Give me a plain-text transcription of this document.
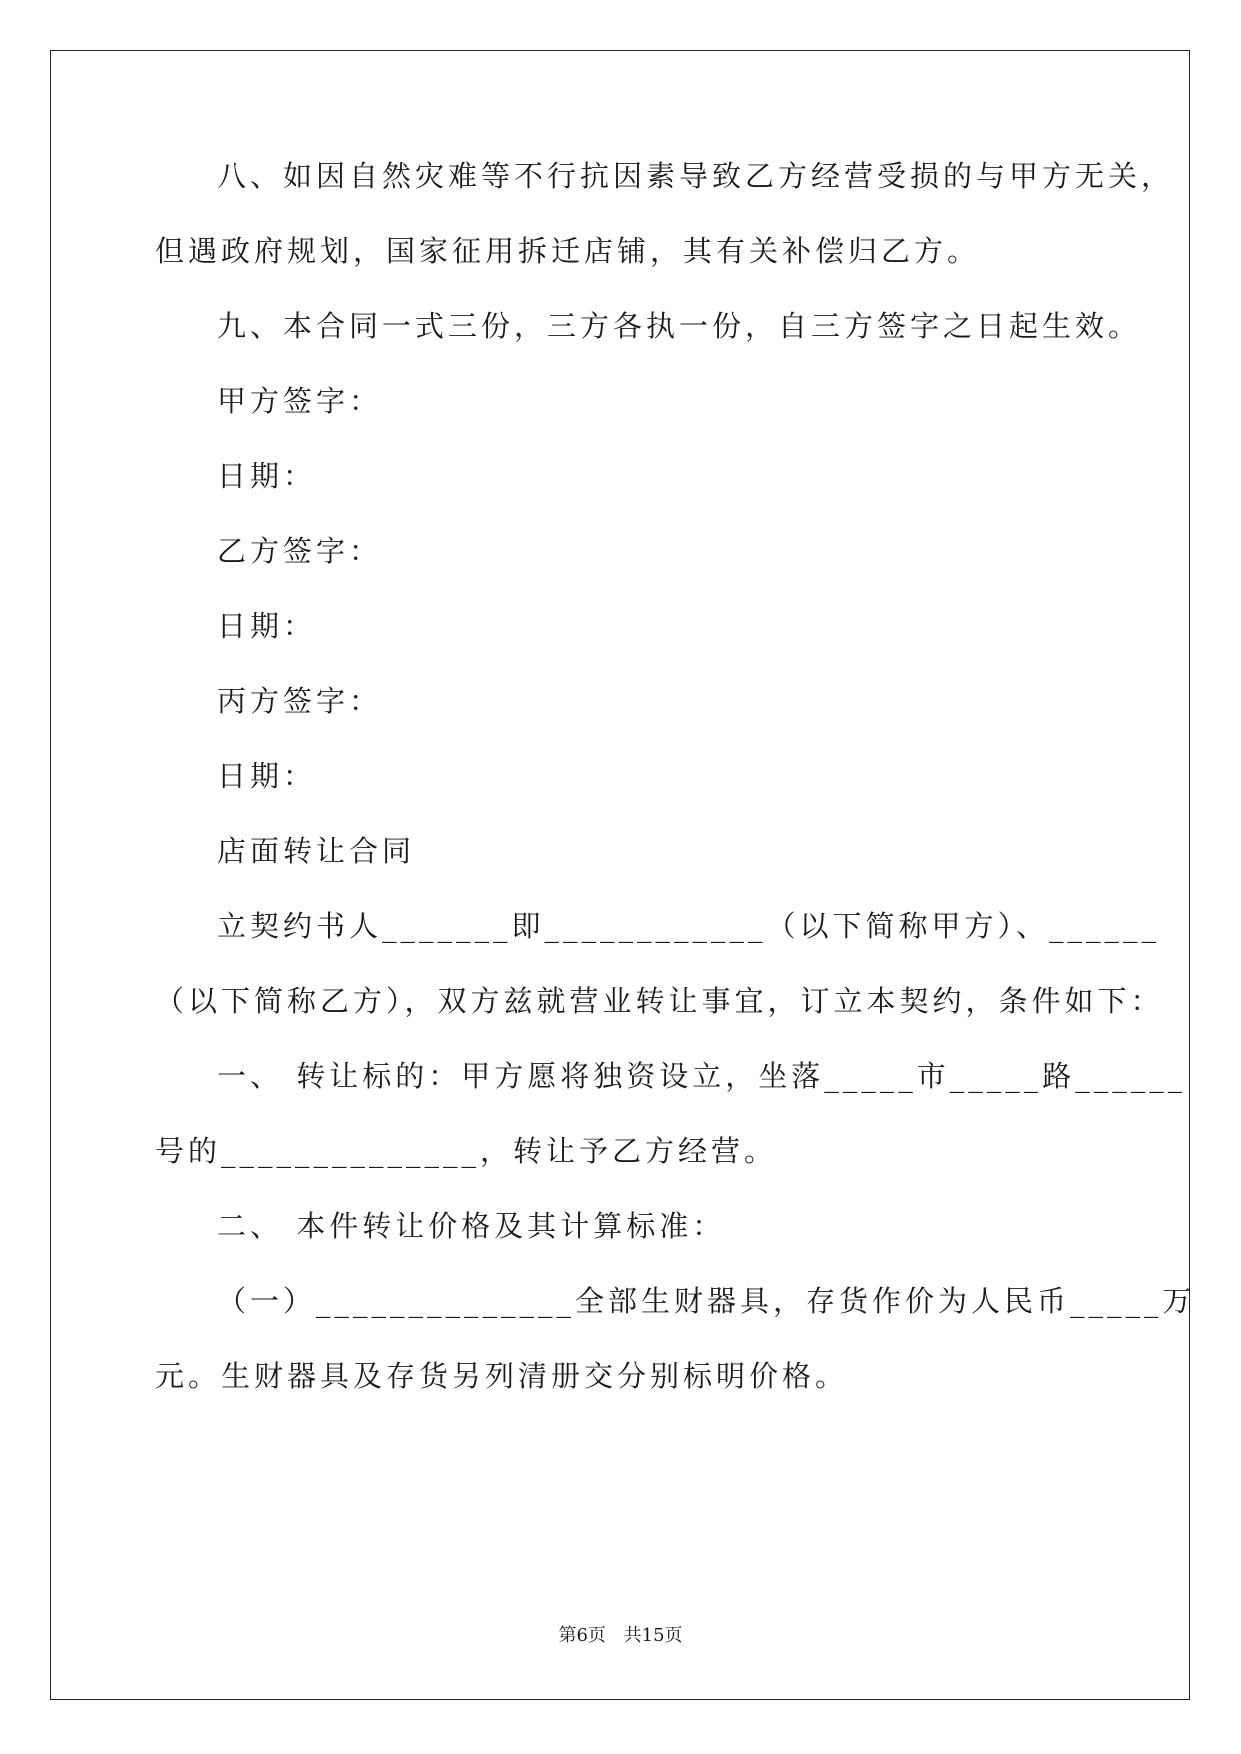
八、如因自然灾难等不行抗因素导致乙方经营受损的与甲方无关，
但遇政府规划，国家征用拆迁店铺，其有关补偿归乙方。
九、本合同一式三份，三方各执一份，自三方签字之日起生效。
甲方签字：
日期：
乙方签字：
日期：
丙方签字：
日期：
店面转让合同
立契约书人_______即____________（以下简称甲方）、______
（以下简称乙方），双方兹就营业转让事宜，订立本契约，条件如下：
一、 转让标的：甲方愿将独资设立，坐落_____市_____路______
号的______________，转让予乙方经营。
二、 本件转让价格及其计算标准：
（一）______________全部生财器具，存货作价为人民币_____万
元。生财器具及存货另列清册交分别标明价格。
第6页 共15页
